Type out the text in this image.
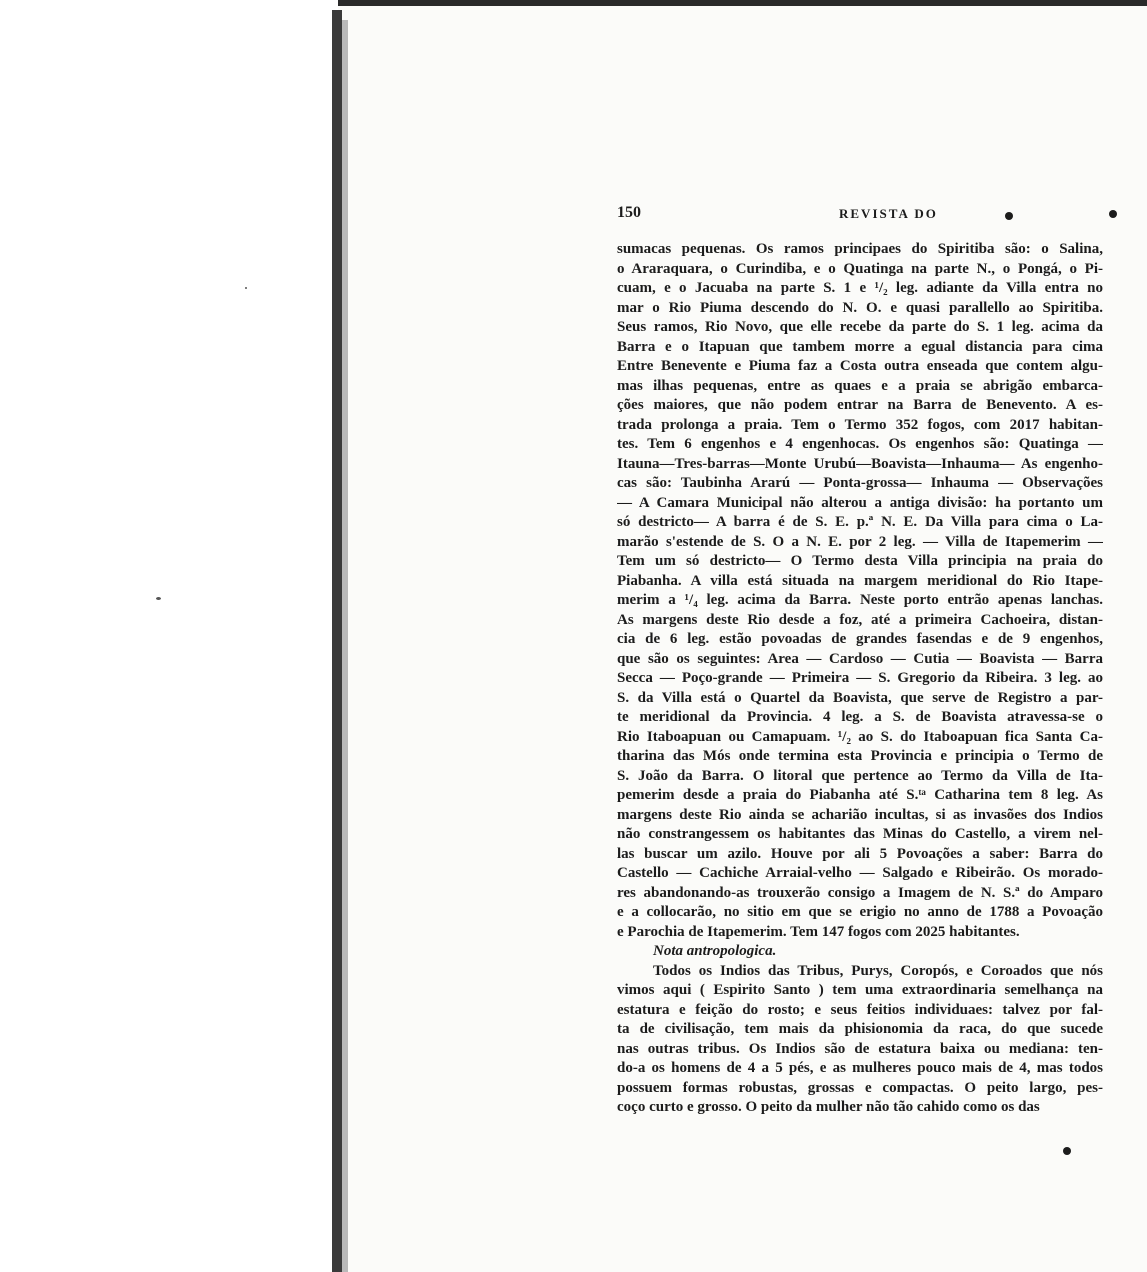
150	REVISTA DO
sumacas pequenas. Os ramos principaes do Spiritiba são: o Salina,
o Araraquara, o Curindiba, e o Quatinga na parte N., o Pongá, o Pi-
cuam, e o Jacuaba na parte S. 1 e ¹/₂ leg. adiante da Villa entra no
mar o Rio Piuma descendo do N. O. e quasi parallello ao Spiritiba.
Seus ramos, Rio Novo, que elle recebe da parte do S. 1 leg. acima da
Barra e o Itapuan que tambem morre a egual distancia para cima
Entre Benevente e Piuma faz a Costa outra enseada que contem algu-
mas ilhas pequenas, entre as quaes e a praia se abrigão embarca-
ções maiores, que não podem entrar na Barra de Benevento. A es-
trada prolonga a praia. Tem o Termo 352 fogos, com 2017 habitan-
tes. Tem 6 engenhos e 4 engenhocas. Os engenhos são: Quatinga —
Itauna—Tres-barras—Monte Urubú—Boavista—Inhauma— As engenho-
cas são: Taubinha Ararú — Ponta-grossa— Inhauma — Observações
— A Camara Municipal não alterou a antiga divisão: ha portanto um
só destricto— A barra é de S. E. p.ª N. E. Da Villa para cima o La-
marão s'estende de S. O a N. E. por 2 leg. — Villa de Itapemerim —
Tem um só destricto— O Termo desta Villa principia na praia do
Piabanha. A villa está situada na margem meridional do Rio Itape-
merim a ¹/₄ leg. acima da Barra. Neste porto entrão apenas lanchas.
As margens deste Rio desde a foz, até a primeira Cachoeira, distan-
cia de 6 leg. estão povoadas de grandes fasendas e de 9 engenhos,
que são os seguintes: Area — Cardoso — Cutia — Boavista — Barra
Secca — Poço-grande — Primeira — S. Gregorio da Ribeira. 3 leg. ao
S. da Villa está o Quartel da Boavista, que serve de Registro a par-
te meridional da Provincia. 4 leg. a S. de Boavista atravessa-se o
Rio Itaboapuan ou Camapuam. ¹/₂ ao S. do Itaboapuan fica Santa Ca-
tharina das Mós onde termina esta Provincia e principia o Termo de
S. João da Barra. O litoral que pertence ao Termo da Villa de Ita-
pemerim desde a praia do Piabanha até S.ᵗᵃ Catharina tem 8 leg. As
margens deste Rio ainda se acharião incultas, si as invasões dos Indios
não constrangessem os habitantes das Minas do Castello, a virem nel-
las buscar um azilo. Houve por ali 5 Povoações a saber: Barra do
Castello — Cachiche Arraial-velho — Salgado e Ribeirão. Os morado-
res abandonando-as trouxerão consigo a Imagem de N. S.ª do Amparo
e a collocarão, no sitio em que se erigio no anno de 1788 a Povoação
e Parochia de Itapemerim. Tem 147 fogos com 2025 habitantes.
Nota antropologica.
Todos os Indios das Tribus, Purys, Coropós, e Coroados que nós
vimos aqui ( Espirito Santo ) tem uma extraordinaria semelhança na
estatura e feição do rosto; e seus feitios individuaes: talvez por fal-
ta de civilisação, tem mais da phisionomia da raca, do que sucede
nas outras tribus. Os Indios são de estatura baixa ou mediana: ten-
do-a os homens de 4 a 5 pés, e as mulheres pouco mais de 4, mas todos
possuem formas robustas, grossas e compactas. O peito largo, pes-
coço curto e grosso. O peito da mulher não tão cahido como os das
